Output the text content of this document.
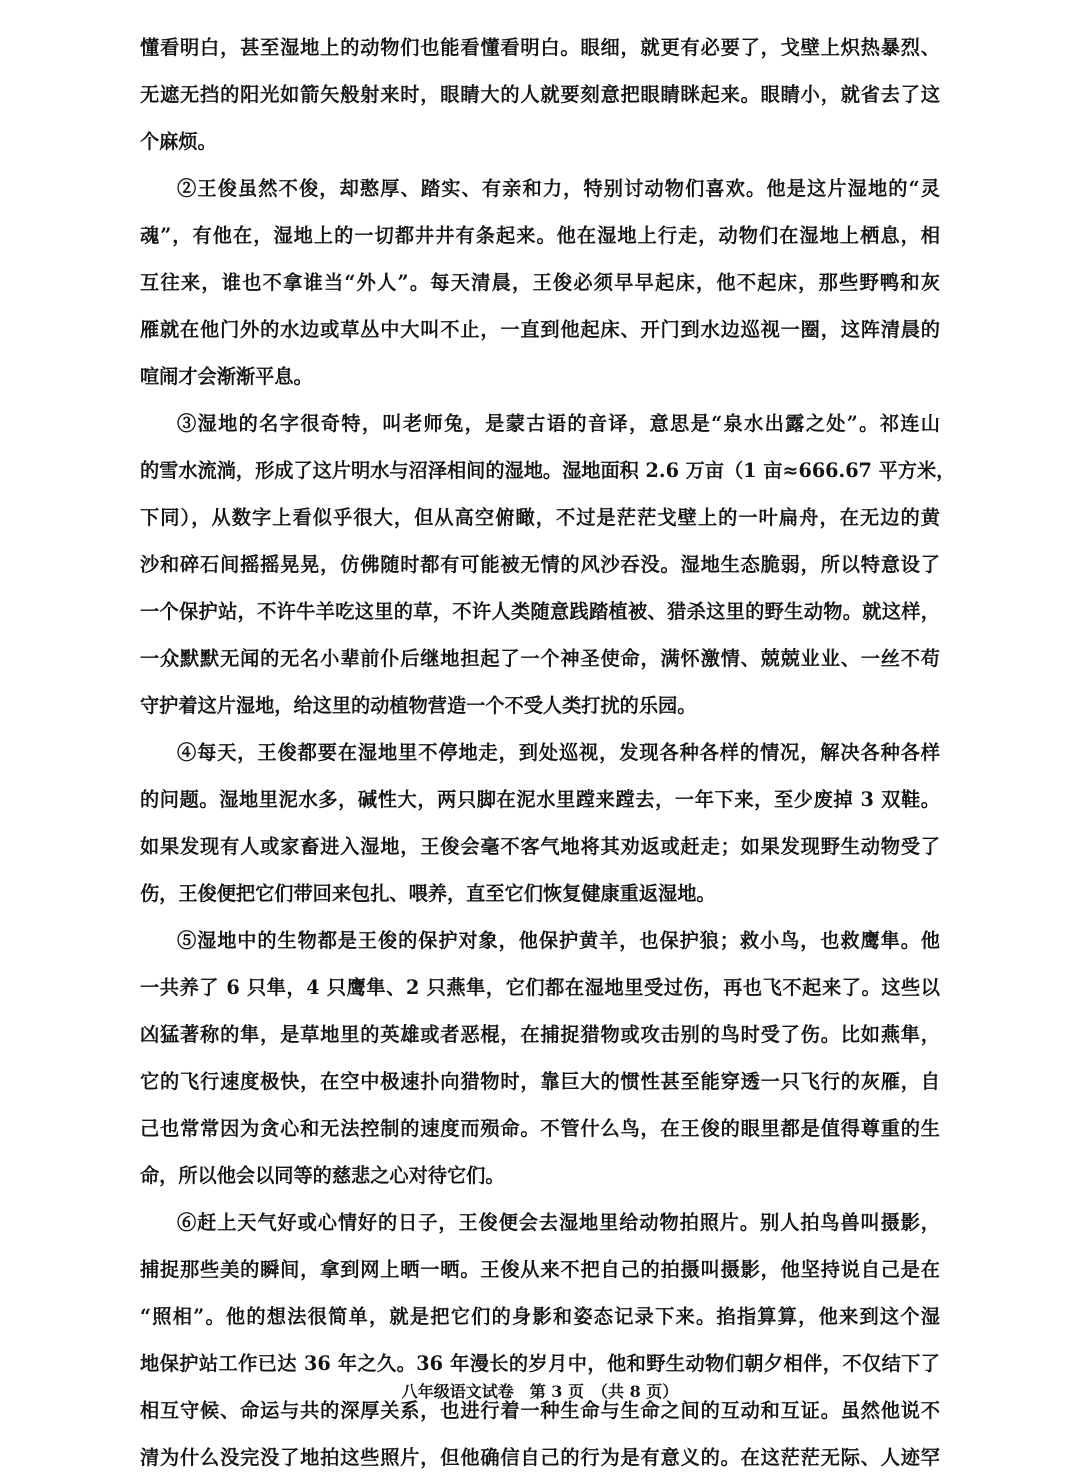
懂看明白，甚至湿地上的动物们也能看懂看明白。眼细，就更有必要了，戈壁上炽热暴烈、

无遮无挡的阳光如箭矢般射来时，眼睛大的人就要刻意把眼睛眯起来。眼睛小，就省去了这

个麻烦。

②王俊虽然不俊，却憨厚、踏实、有亲和力，特别讨动物们喜欢。他是这片湿地的“灵

魂”，有他在，湿地上的一切都井井有条起来。他在湿地上行走，动物们在湿地上栖息，相

互往来，谁也不拿谁当“外人”。每天清晨，王俊必须早早起床，他不起床，那些野鸭和灰

雁就在他门外的水边或草丛中大叫不止，一直到他起床、开门到水边巡视一圈，这阵清晨的

喧闹才会渐渐平息。

③湿地的名字很奇特，叫老师兔，是蒙古语的音译，意思是“泉水出露之处”。祁连山

的雪水流淌，形成了这片明水与沼泽相间的湿地。湿地面积 2.6 万亩（1 亩≈666.67 平方米，

下同），从数字上看似乎很大，但从高空俯瞰，不过是茫茫戈壁上的一叶扁舟，在无边的黄

沙和碎石间摇摇晃晃，仿佛随时都有可能被无情的风沙吞没。湿地生态脆弱，所以特意设了

一个保护站，不许牛羊吃这里的草，不许人类随意践踏植被、猎杀这里的野生动物。就这样，

一众默默无闻的无名小辈前仆后继地担起了一个神圣使命，满怀激情、兢兢业业、一丝不苟

守护着这片湿地，给这里的动植物营造一个不受人类打扰的乐园。

④每天，王俊都要在湿地里不停地走，到处巡视，发现各种各样的情况，解决各种各样

的问题。湿地里泥水多，碱性大，两只脚在泥水里蹚来蹚去，一年下来，至少废掉 3 双鞋。

如果发现有人或家畜进入湿地，王俊会毫不客气地将其劝返或赶走；如果发现野生动物受了

伤，王俊便把它们带回来包扎、喂养，直至它们恢复健康重返湿地。

⑤湿地中的生物都是王俊的保护对象，他保护黄羊，也保护狼；救小鸟，也救鹰隼。他

一共养了 6 只隼，4 只鹰隼、2 只燕隼，它们都在湿地里受过伤，再也飞不起来了。这些以

凶猛著称的隼，是草地里的英雄或者恶棍，在捕捉猎物或攻击别的鸟时受了伤。比如燕隼，

它的飞行速度极快，在空中极速扑向猎物时，靠巨大的惯性甚至能穿透一只飞行的灰雁，自

己也常常因为贪心和无法控制的速度而殒命。不管什么鸟，在王俊的眼里都是值得尊重的生

命，所以他会以同等的慈悲之心对待它们。

⑥赶上天气好或心情好的日子，王俊便会去湿地里给动物拍照片。别人拍鸟兽叫摄影，

捕捉那些美的瞬间，拿到网上晒一晒。王俊从来不把自己的拍摄叫摄影，他坚持说自己是在

“照相”。他的想法很简单，就是把它们的身影和姿态记录下来。掐指算算，他来到这个湿

地保护站工作已达 36 年之久。36 年漫长的岁月中，他和野生动物们朝夕相伴，不仅结下了

相互守候、命运与共的深厚关系，也进行着一种生命与生命之间的互动和互证。虽然他说不

清为什么没完没了地拍这些照片，但他确信自己的行为是有意义的。在这茫茫无际、人迹罕

八年级语文试卷　第 3 页　（共 8 页）
